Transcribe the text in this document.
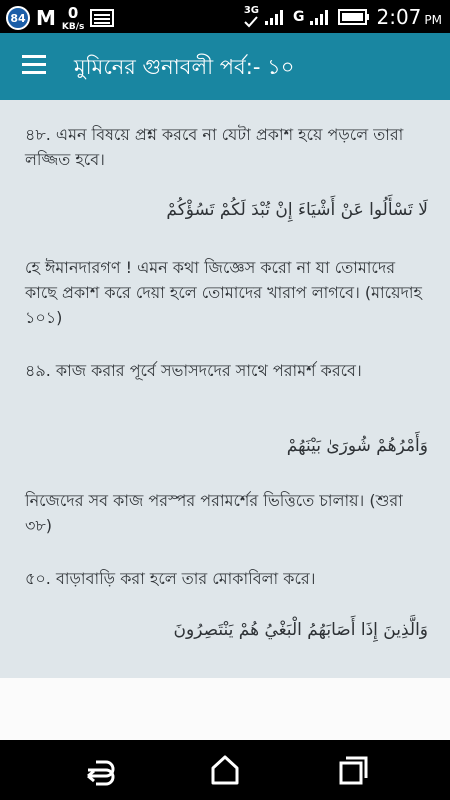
84 M 0
KB/s
3G G	2:07 PM
মুমিনের গুনাবলী পর্ব:- ১০

৪৮. এমন বিষয়ে প্রশ্ন করবে না যেটা প্রকাশ হয়ে পড়লে তারা লজ্জিত হবে।

لَا تَسْأَلُوا عَنْ أَشْيَاءَ إِنْ تُبْدَ لَكُمْ تَسُؤْكُمْ

হে ঈমানদারগণ ! এমন কথা জিজ্ঞেস করো না যা তোমাদের কাছে প্রকাশ করে দেয়া হলে তোমাদের খারাপ লাগবে। (মায়েদাহ ১০১)

৪৯. কাজ করার পূর্বে সভাসদদের সাথে পরামর্শ করবে।

وَأَمْرُهُمْ شُورَىٰ بَيْنَهُمْ

নিজেদের সব কাজ পরস্পর পরামর্শের ভিত্তিতে চালায়। (শুরা ৩৮)

৫০. বাড়াবাড়ি করা হলে তার মোকাবিলা করে।

وَالَّذِينَ إِذَا أَصَابَهُمُ الْبَغْيُ هُمْ يَنْتَصِرُونَ
